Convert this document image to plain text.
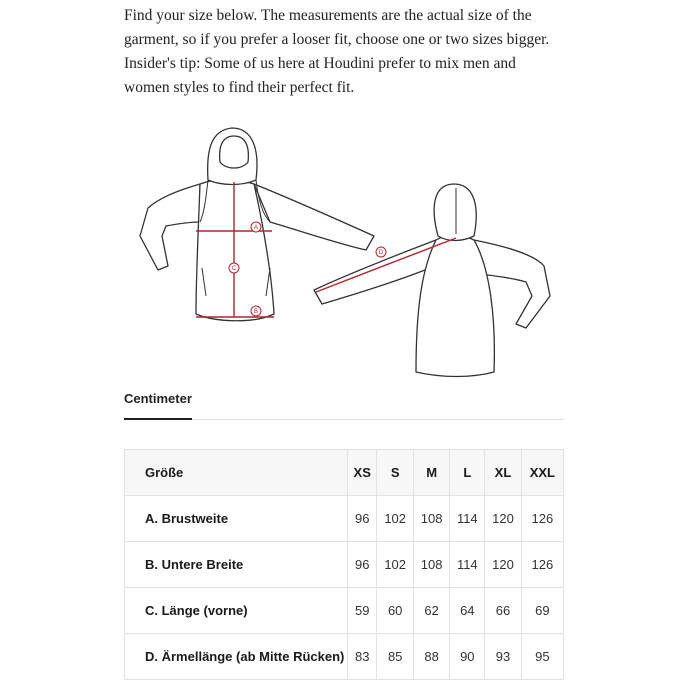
Find your size below. The measurements are the actual size of the garment, so if you prefer a looser fit, choose one or two sizes bigger. Insider's tip: Some of us here at Houdini prefer to mix men and women styles to find their perfect fit.

A
B
C
D
Centimeter
Größe	XS	S	M	L	XL	XXL
A. Brustweite	96	102	108	114	120	126
B. Untere Breite	96	102	108	114	120	126
C. Länge (vorne)	59	60	62	64	66	69
D. Ärmellänge (ab Mitte Rücken)	83	85	88	90	93	95
